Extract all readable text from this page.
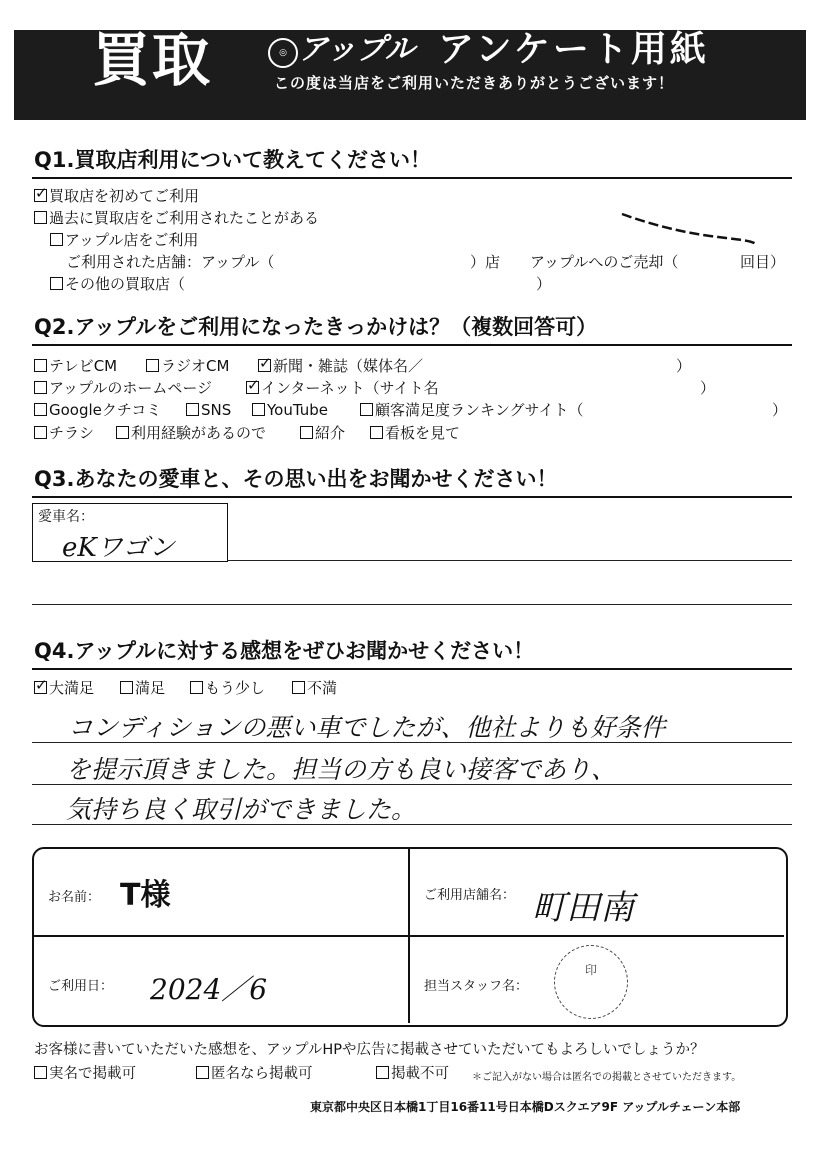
買取	◎ アップル アンケート用紙
この度は当店をご利用いただきありがとうございます！
Q1.買取店利用について教えてください！
✓買取店を初めてご利用
過去に買取店をご利用されたことがある
アップル店をご利用
ご利用された店舗：アップル（	）店 アップルへのご売却（	回目）
その他の買取店（	）
Q2.アップルをご利用になったきっかけは？（複数回答可）
テレビCM	ラジオCM ✓	新聞・雑誌（媒体名／	）
アップルのホームページ ✓	インターネット（サイト名	）
Googleクチコミ	SNS	YouTube	顧客満足度ランキングサイト（	）
チラシ	利用経験があるので	紹介	看板を見て
Q3.あなたの愛車と、その思い出をお聞かせください！
愛車名：
eKワゴン
Q4.アップルに対する感想をぜひお聞かせください！
✓大満足	満足	もう少し	不満
コンディションの悪い車でしたが、他社よりも好条件
を提示頂きました。担当の方も良い接客であり、
気持ち良く取引ができました。
お名前： T様	ご利用店舗名： 町田南
ご利用日： 2024／6	担当スタッフ名：

印
お客様に書いていただいた感想を、アップルHPや広告に掲載させていただいてもよろしいでしょうか？
実名で掲載可	匿名なら掲載可	掲載不可 ＊ご記入がない場合は匿名での掲載とさせていただきます。
東京都中央区日本橋1丁目16番11号日本橋Dスクエア9F アップルチェーン本部
